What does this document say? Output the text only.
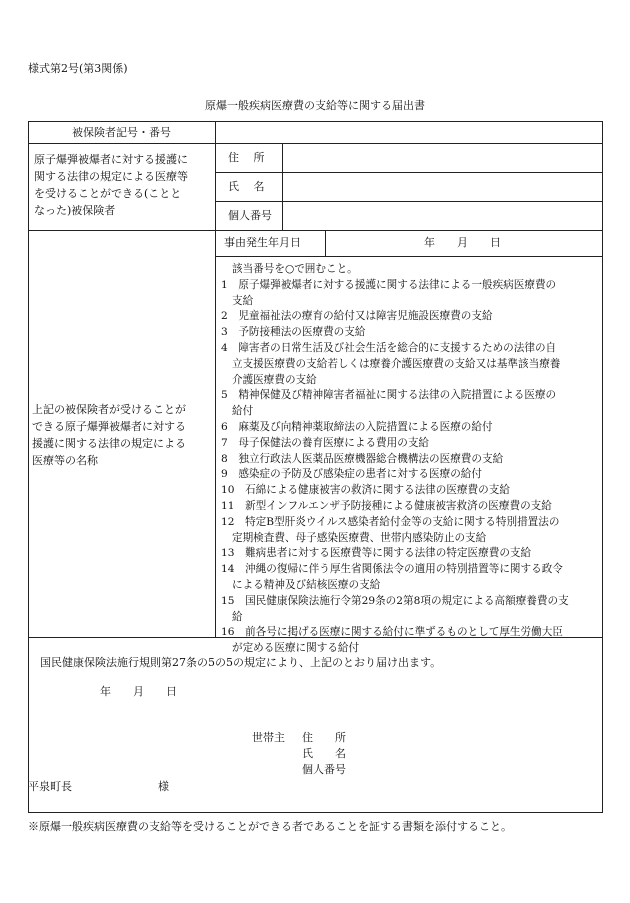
様式第2号(第3関係)
原爆一般疾病医療費の支給等に関する届出書
被保険者記号・番号
原子爆弾被爆者に対する援護に
関する法律の規定による医療等
を受けることができる(ことと
なった)被保険者
住　 所
氏　 名
個人番号
事由発生年月日	年　　月　　日
上記の被保険者が受けることが
できる原子爆弾被爆者に対する
援護に関する法律の規定による
医療等の名称
該当番号を○で囲むこと。
1　原子爆弾被爆者に対する援護に関する法律による一般疾病医療費の
支給
2　児童福祉法の療育の給付又は障害児施設医療費の支給
3　予防接種法の医療費の支給
4　障害者の日常生活及び社会生活を総合的に支援するための法律の自
立支援医療費の支給若しくは療養介護医療費の支給又は基準該当療養
介護医療費の支給
5　精神保健及び精神障害者福祉に関する法律の入院措置による医療の
給付
6　麻薬及び向精神薬取締法の入院措置による医療の給付
7　母子保健法の養育医療による費用の支給
8　独立行政法人医薬品医療機器総合機構法の医療費の支給
9　感染症の予防及び感染症の患者に対する医療の給付
10　石綿による健康被害の救済に関する法律の医療費の支給
11　新型インフルエンザ予防接種による健康被害救済の医療費の支給
12　特定B型肝炎ウイルス感染者給付金等の支給に関する特別措置法の
定期検査費、母子感染医療費、世帯内感染防止の支給
13　難病患者に対する医療費等に関する法律の特定医療費の支給
14　沖縄の復帰に伴う厚生省関係法令の適用の特別措置等に関する政令
による精神及び結核医療の支給
15　国民健康保険法施行令第29条の2第8項の規定による高額療養費の支
給
16　前各号に掲げる医療に関する給付に準ずるものとして厚生労働大臣
が定める医療に関する給付
国民健康保険法施行規則第27条の5の5の規定により、上記のとおり届け出ます。
年　　月　　日
世帯主 住　　所
氏　　名
個人番号
平泉町長	様
※原爆一般疾病医療費の支給等を受けることができる者であることを証する書類を添付すること。
